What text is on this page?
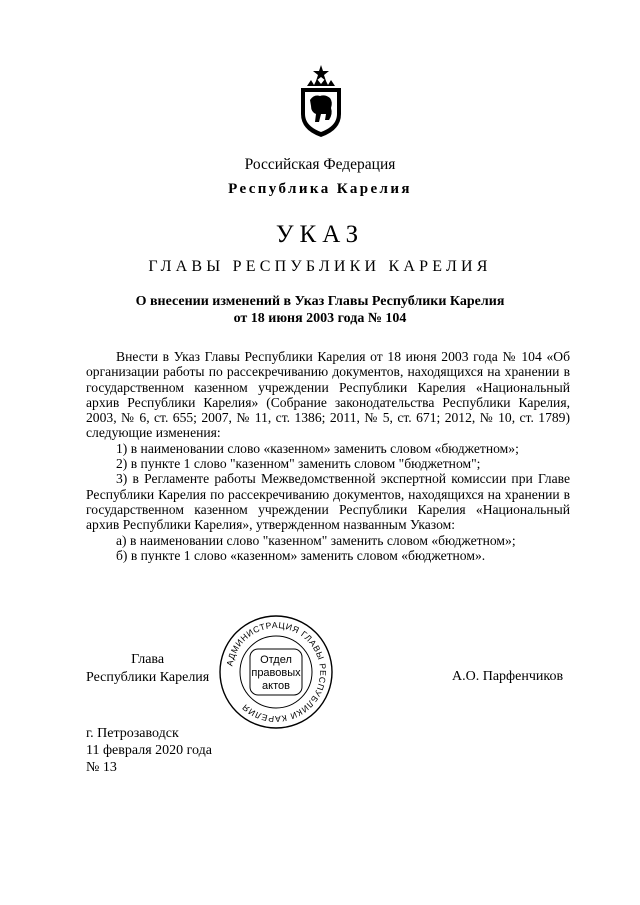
Российская Федерация
Республика Карелия
УКАЗ
ГЛАВЫ РЕСПУБЛИКИ КАРЕЛИЯ
О внесении изменений в Указ Главы Республики Карелия
от 18 июня 2003 года № 104

Внести в Указ Главы Республики Карелия от 18 июня 2003 года № 104 «Об организации работы по рассекречиванию документов, находящихся на хранении в государственном казенном учреждении Республики Карелия «Национальный архив Республики Карелия» (Собрание законодательства Республики Карелия, 2003, № 6, ст. 655; 2007, № 11, ст. 1386; 2011, № 5, ст. 671; 2012, № 10, ст. 1789) следующие изменения:

1) в наименовании слово «казенном» заменить словом «бюджетном»;

2) в пункте 1 слово "казенном" заменить словом "бюджетном";

3) в Регламенте работы Межведомственной экспертной комиссии при Главе Республики Карелия по рассекречиванию документов, находящихся на хранении в государственном казенном учреждении Республики Карелия «Национальный архив Республики Карелия», утвержденном названным Указом:

а) в наименовании слово "казенном" заменить словом «бюджетном»;

б) в пункте 1 слово «казенном» заменить словом «бюджетном».

Глава
Республики Карелия
АДМИНИСТРАЦИЯ ГЛАВЫ РЕСПУБЛИКИ КАРЕЛИЯ
Отдел
правовых
актов
А.О. Парфенчиков
г. Петрозаводск
11 февраля 2020 года
№ 13
